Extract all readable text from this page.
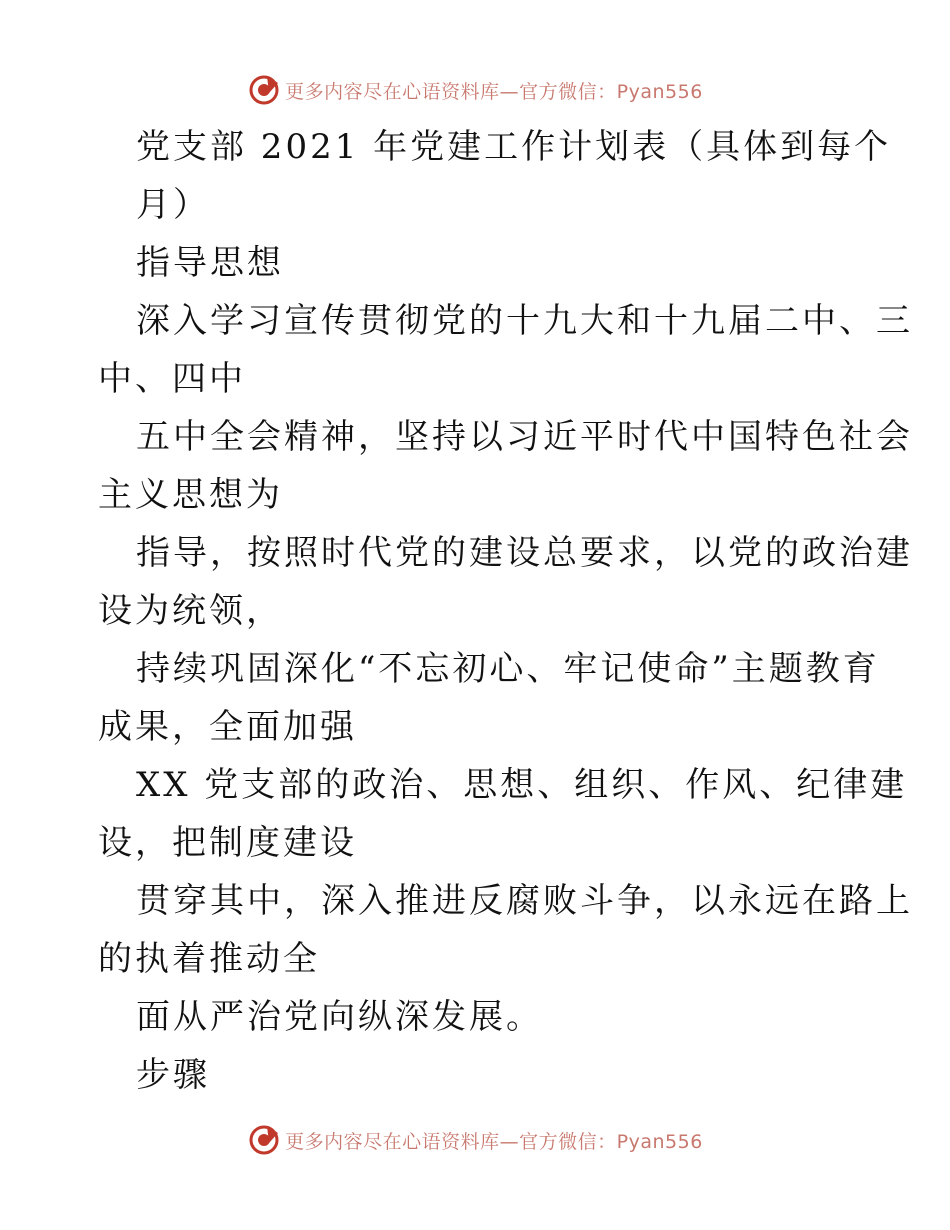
更多内容尽在心语资料库—官方微信：Pyan556
党支部 2021 年党建工作计划表（具体到每个
月）
指导思想
深入学习宣传贯彻党的十九大和十九届二中、三
中、四中
五中全会精神，坚持以习近平时代中国特色社会
主义思想为
指导，按照时代党的建设总要求，以党的政治建
设为统领，
持续巩固深化“不忘初心、牢记使命”主题教育
成果，全面加强
XX 党支部的政治、思想、组织、作风、纪律建
设，把制度建设
贯穿其中，深入推进反腐败斗争，以永远在路上
的执着推动全
面从严治党向纵深发展。
步骤
更多内容尽在心语资料库—官方微信：Pyan556
